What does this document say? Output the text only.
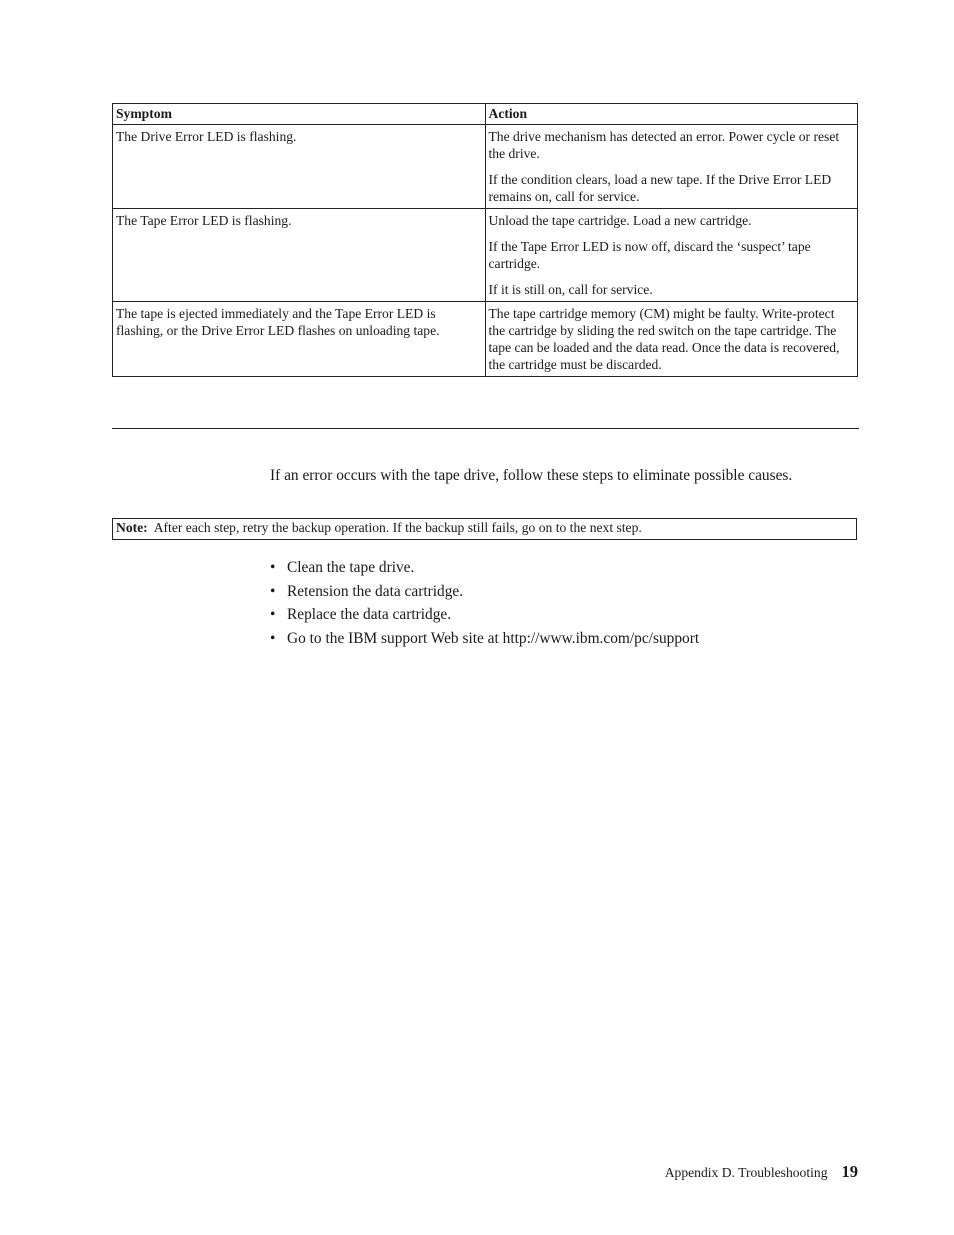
Symptom	Action
The Drive Error LED is flashing.	The drive mechanism has detected an error. Power cycle or reset the drive.

If the condition clears, load a new tape. If the Drive Error LED remains on, call for service.

The Tape Error LED is flashing.	Unload the tape cartridge. Load a new cartridge.

If the Tape Error LED is now off, discard the ‘suspect’ tape cartridge.

If it is still on, call for service.

The tape is ejected immediately and the Tape Error LED is flashing, or the Drive Error LED flashes on unloading tape.	The tape cartridge memory (CM) might be faulty. Write-protect the cartridge by sliding the red switch on the tape cartridge. The tape can be loaded and the data read. Once the data is recovered, the cartridge must be discarded.

If an error occurs with the tape drive, follow these steps to eliminate possible causes.

Note: After each step, retry the backup operation. If the backup still fails, go on to the next step.
• Clean the tape drive.
• Retension the data cartridge.
• Replace the data cartridge.
• Go to the IBM support Web site at http://www.ibm.com/pc/support
Appendix D. Troubleshooting 19
